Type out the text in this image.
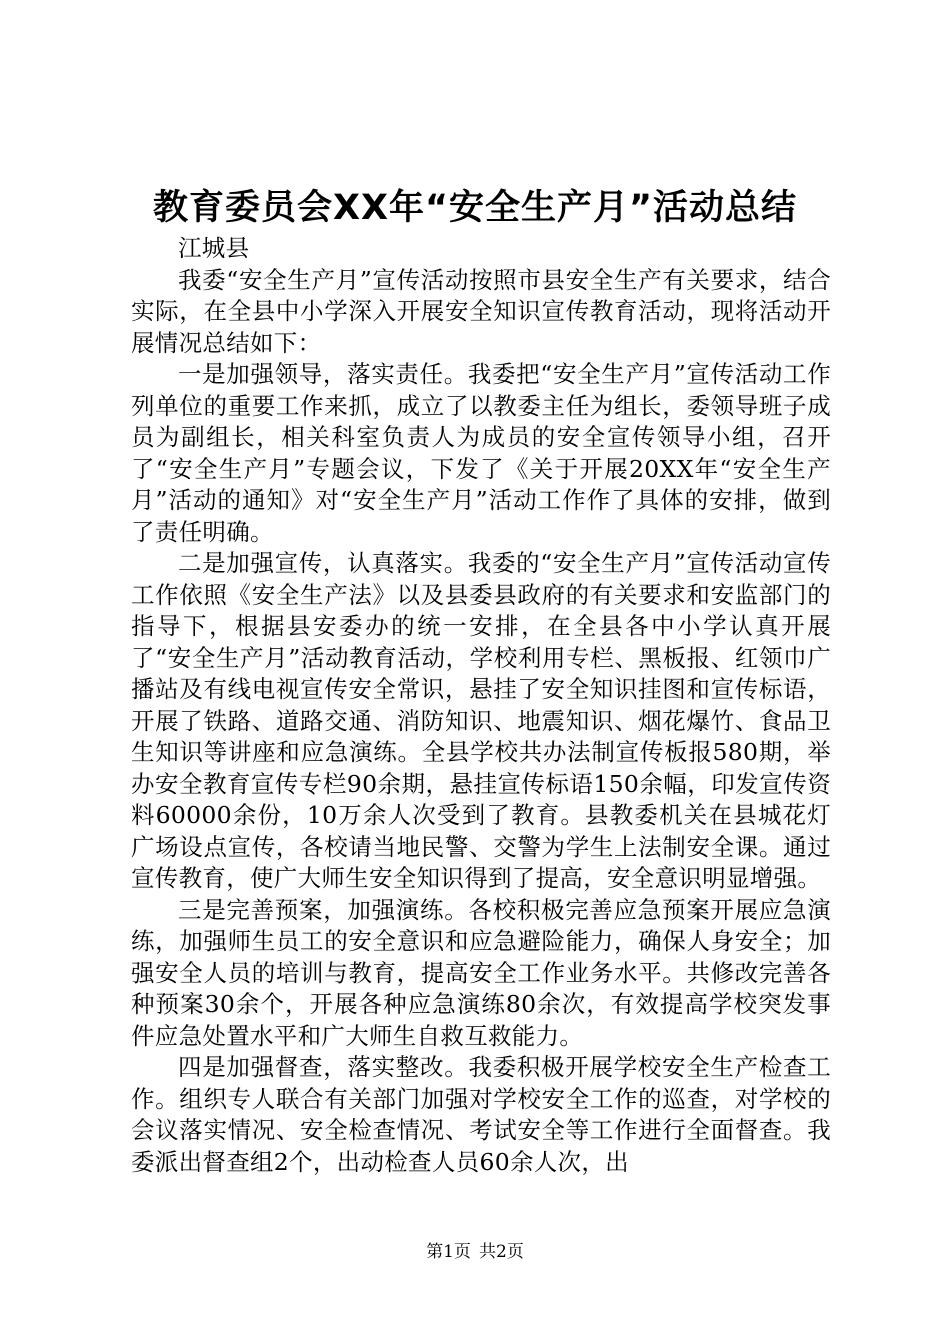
教育委员会XX年“安全生产月”活动总结

江城县

我委“安全生产月”宣传活动按照市县安全生产有关要求，结合实际，在全县中小学深入开展安全知识宣传教育活动，现将活动开展情况总结如下：

一是加强领导，落实责任。我委把“安全生产月”宣传活动工作列单位的重要工作来抓，成立了以教委主任为组长，委领导班子成员为副组长，相关科室负责人为成员的安全宣传领导小组，召开了“安全生产月”专题会议，下发了《关于开展20XX年“安全生产月”活动的通知》对“安全生产月”活动工作作了具体的安排，做到了责任明确。

二是加强宣传，认真落实。我委的“安全生产月”宣传活动宣传工作依照《安全生产法》以及县委县政府的有关要求和安监部门的指导下，根据县安委办的统一安排，在全县各中小学认真开展了“安全生产月”活动教育活动，学校利用专栏、黑板报、红领巾广播站及有线电视宣传安全常识，悬挂了安全知识挂图和宣传标语，开展了铁路、道路交通、消防知识、地震知识、烟花爆竹、食品卫生知识等讲座和应急演练。全县学校共办法制宣传板报580期，举办安全教育宣传专栏90余期，悬挂宣传标语150余幅，印发宣传资料60000余份，10万余人次受到了教育。县教委机关在县城花灯广场设点宣传，各校请当地民警、交警为学生上法制安全课。通过宣传教育，使广大师生安全知识得到了提高，安全意识明显增强。

三是完善预案，加强演练。各校积极完善应急预案开展应急演练，加强师生员工的安全意识和应急避险能力，确保人身安全；加强安全人员的培训与教育，提高安全工作业务水平。共修改完善各种预案30余个，开展各种应急演练80余次，有效提高学校突发事件应急处置水平和广大师生自救互救能力。

四是加强督查，落实整改。我委积极开展学校安全生产检查工作。组织专人联合有关部门加强对学校安全工作的巡查，对学校的会议落实情况、安全检查情况、考试安全等工作进行全面督查。我委派出督查组2个，出动检查人员60余人次，出

第1页 共2页
